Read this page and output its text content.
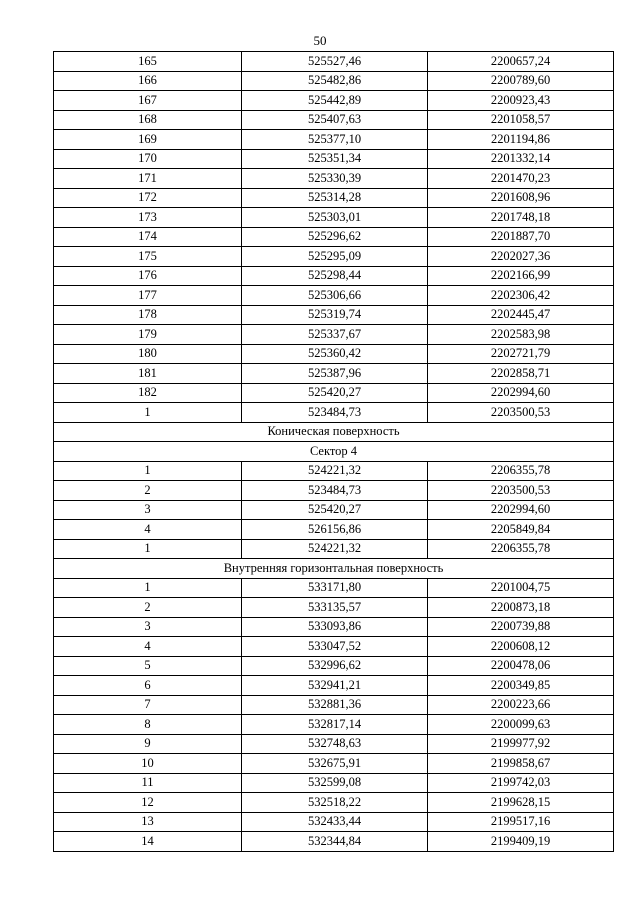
50
165	525527,46	2200657,24
166	525482,86	2200789,60
167	525442,89	2200923,43
168	525407,63	2201058,57
169	525377,10	2201194,86
170	525351,34	2201332,14
171	525330,39	2201470,23
172	525314,28	2201608,96
173	525303,01	2201748,18
174	525296,62	2201887,70
175	525295,09	2202027,36
176	525298,44	2202166,99
177	525306,66	2202306,42
178	525319,74	2202445,47
179	525337,67	2202583,98
180	525360,42	2202721,79
181	525387,96	2202858,71
182	525420,27	2202994,60
1	523484,73	2203500,53
Коническая поверхность		
Сектор 4		
1	524221,32	2206355,78
2	523484,73	2203500,53
3	525420,27	2202994,60
4	526156,86	2205849,84
1	524221,32	2206355,78
Внутренняя горизонтальная поверхность		
1	533171,80	2201004,75
2	533135,57	2200873,18
3	533093,86	2200739,88
4	533047,52	2200608,12
5	532996,62	2200478,06
6	532941,21	2200349,85
7	532881,36	2200223,66
8	532817,14	2200099,63
9	532748,63	2199977,92
10	532675,91	2199858,67
11	532599,08	2199742,03
12	532518,22	2199628,15
13	532433,44	2199517,16
14	532344,84	2199409,19
